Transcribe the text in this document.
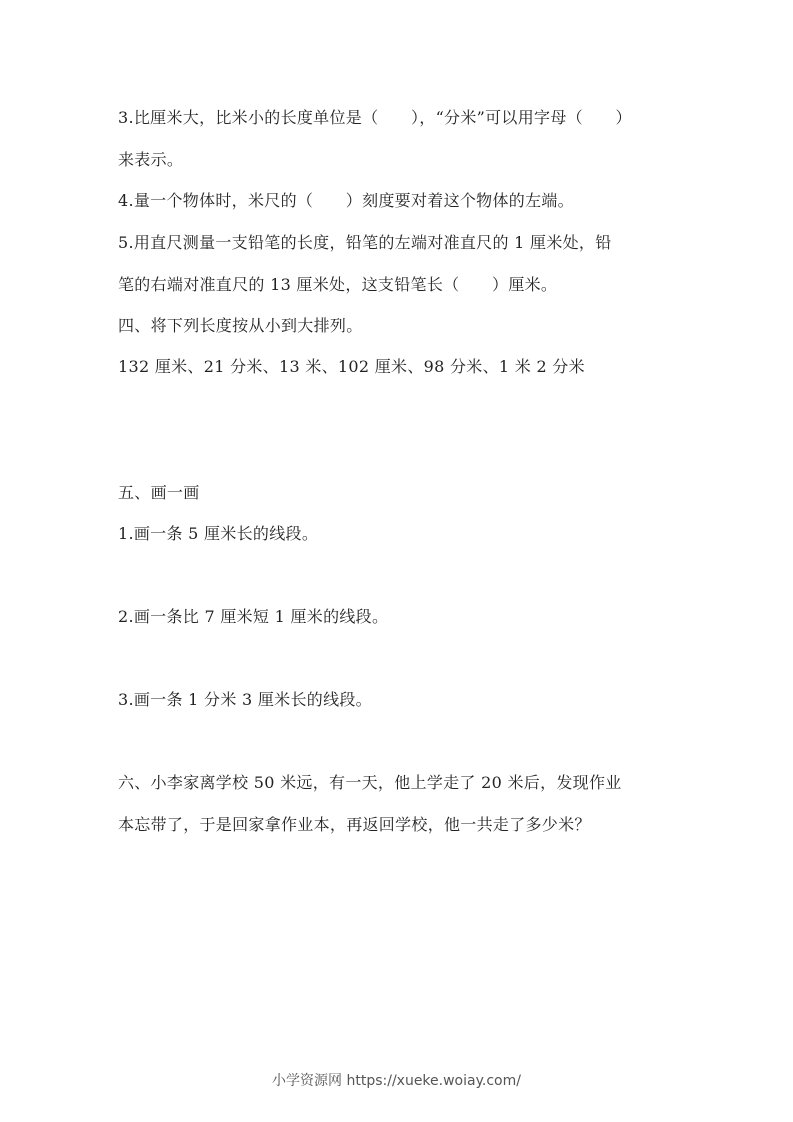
3.比厘米大，比米小的长度单位是（　　），“分米”可以用字母（　　）
来表示。
4.量一个物体时，米尺的（　　）刻度要对着这个物体的左端。
5.用直尺测量一支铅笔的长度，铅笔的左端对准直尺的 1 厘米处，铅
笔的右端对准直尺的 13 厘米处，这支铅笔长（　　）厘米。
四、将下列长度按从小到大排列。
132 厘米、21 分米、13 米、102 厘米、98 分米、1 米 2 分米
五、画一画
1.画一条 5 厘米长的线段。
2.画一条比 7 厘米短 1 厘米的线段。
3.画一条 1 分米 3 厘米长的线段。
六、小李家离学校 50 米远，有一天，他上学走了 20 米后，发现作业
本忘带了，于是回家拿作业本，再返回学校，他一共走了多少米？
小学资源网 https://xueke.woiay.com/
